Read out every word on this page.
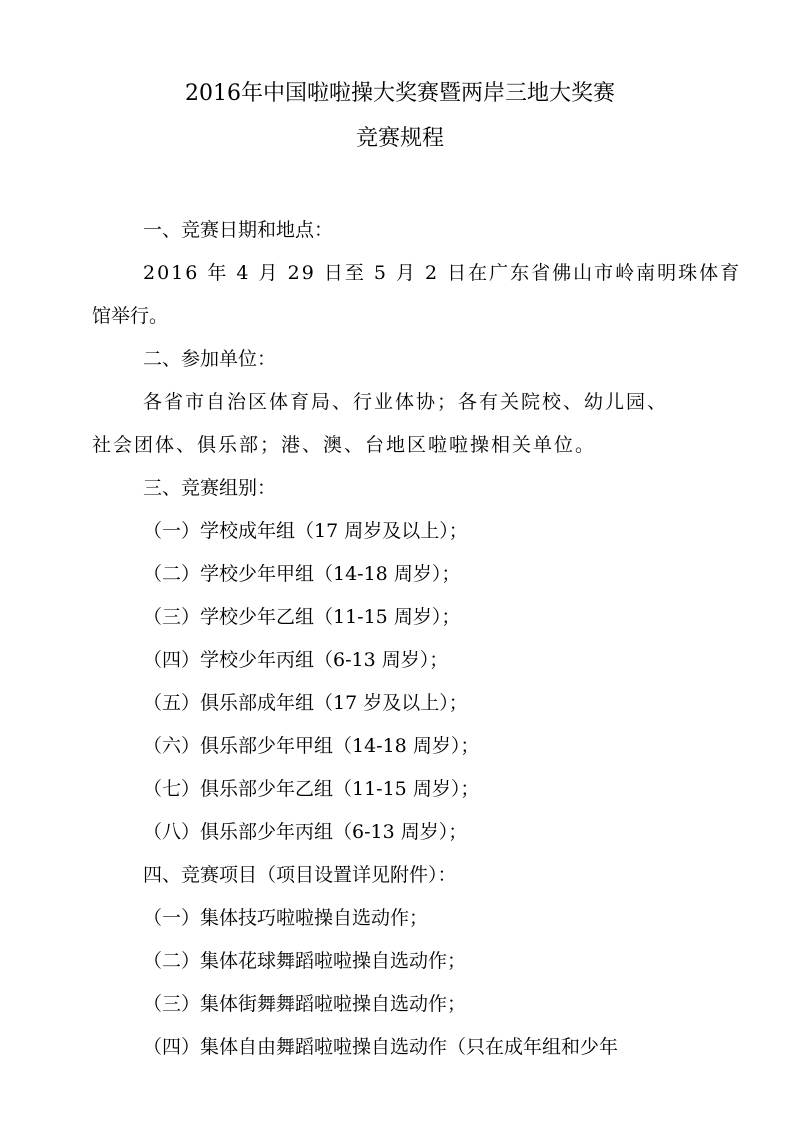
2016年中国啦啦操大奖赛暨两岸三地大奖赛
竞赛规程
一、竞赛日期和地点：
2016 年 4 月 29 日至 5 月 2 日在广东省佛山市岭南明珠体育
馆举行。
二、参加单位：
各省市自治区体育局、行业体协；各有关院校、幼儿园、
社会团体、俱乐部；港、澳、台地区啦啦操相关单位。
三、竞赛组别：
（一）学校成年组（17 周岁及以上）；
（二）学校少年甲组（14-18 周岁）；
（三）学校少年乙组（11-15 周岁）；
（四）学校少年丙组（6-13 周岁）；
（五）俱乐部成年组（17 岁及以上）；
（六）俱乐部少年甲组（14-18 周岁）；
（七）俱乐部少年乙组（11-15 周岁）；
（八）俱乐部少年丙组（6-13 周岁）；
四、竞赛项目（项目设置详见附件）：
（一）集体技巧啦啦操自选动作；
（二）集体花球舞蹈啦啦操自选动作；
（三）集体街舞舞蹈啦啦操自选动作；
（四）集体自由舞蹈啦啦操自选动作（只在成年组和少年
